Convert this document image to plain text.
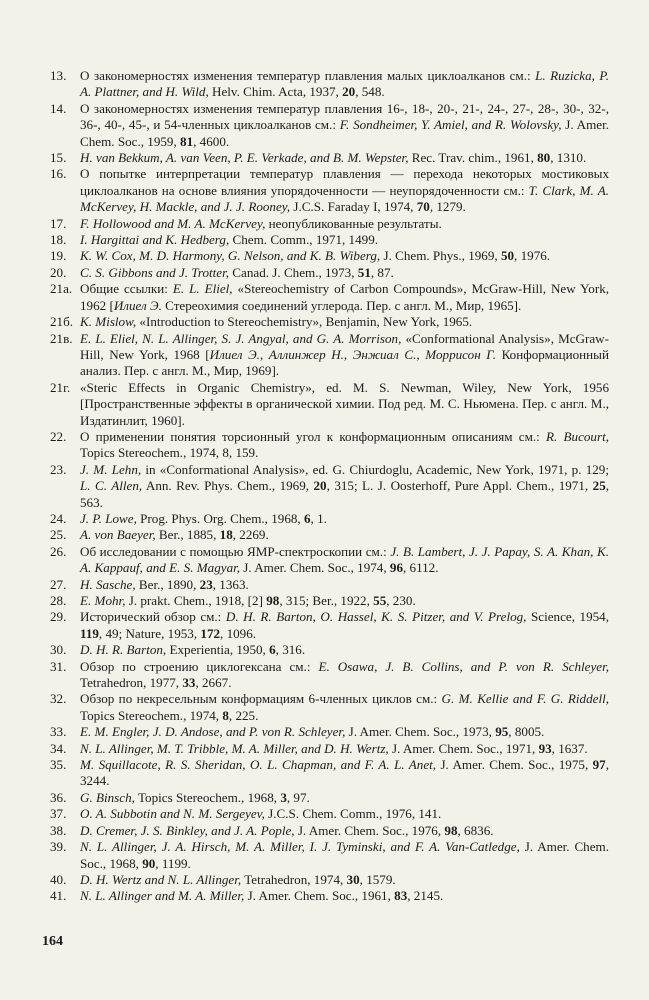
13. О закономерностях изменения температур плавления малых циклоалканов см.: L. Ruzicka, P. A. Plattner, and H. Wild, Helv. Chim. Acta, 1937, 20, 548.
14. О закономерностях изменения температур плавления 16-, 18-, 20-, 21-, 24-, 27-, 28-, 30-, 32-, 36-, 40-, 45-, и 54-членных циклоалканов см.: F. Sondheimer, Y. Amiel, and R. Wolovsky, J. Amer. Chem. Soc., 1959, 81, 4600.
15. H. van Bekkum, A. van Veen, P. E. Verkade, and B. M. Wepster, Rec. Trav. chim., 1961, 80, 1310.
16. О попытке интерпретации температур плавления — перехода некоторых мостиковых циклоалканов на основе влияния упорядоченности — неупорядоченности см.: T. Clark, M. A. McKervey, H. Mackle, and J. J. Rooney, J.C.S. Faraday I, 1974, 70, 1279.
17. F. Hollowood and M. A. McKervey, неопубликованные результаты.
18. I. Hargittai and K. Hedberg, Chem. Comm., 1971, 1499.
19. K. W. Cox, M. D. Harmony, G. Nelson, and K. B. Wiberg, J. Chem. Phys., 1969, 50, 1976.
20. C. S. Gibbons and J. Trotter, Canad. J. Chem., 1973, 51, 87.
21а. Общие ссылки: E. L. Eliel, «Stereochemistry of Carbon Compounds», McGraw-Hill, New York, 1962 [Илиел Э. Стереохимия соединений углерода. Пер. с англ. М., Мир, 1965].
21б. K. Mislow, «Introduction to Stereochemistry», Benjamin, New York, 1965.
21в. E. L. Eliel, N. L. Allinger, S. J. Angyal, and G. A. Morrison, «Conformational Analysis», McGraw-Hill, New York, 1968 [Илиел Э., Аллинжер Н., Энжиал С., Моррисон Г. Конформационный анализ. Пер. с англ. М., Мир, 1969].
21г. «Steric Effects in Organic Chemistry», ed. M. S. Newman, Wiley, New York, 1956 [Пространственные эффекты в органической химии. Под ред. М. С. Ньюмена. Пер. с англ. М., Издатинлит, 1960].
22. О применении понятия торсионный угол к конформационным описаниям см.: R. Bucourt, Topics Stereochem., 1974, 8, 159.
23. J. M. Lehn, in «Conformational Analysis», ed. G. Chiurdoglu, Academic, New York, 1971, p. 129; L. C. Allen, Ann. Rev. Phys. Chem., 1969, 20, 315; L. J. Oosterhoff, Pure Appl. Chem., 1971, 25, 563.
24. J. P. Lowe, Prog. Phys. Org. Chem., 1968, 6, 1.
25. A. von Baeyer, Ber., 1885, 18, 2269.
26. Об исследовании с помощью ЯМР-спектроскопии см.: J. B. Lambert, J. J. Papay, S. A. Khan, K. A. Kappauf, and E. S. Magyar, J. Amer. Chem. Soc., 1974, 96, 6112.
27. H. Sasche, Ber., 1890, 23, 1363.
28. E. Mohr, J. prakt. Chem., 1918, [2] 98, 315; Ber., 1922, 55, 230.
29. Исторический обзор см.: D. H. R. Barton, O. Hassel, K. S. Pitzer, and V. Prelog, Science, 1954, 119, 49; Nature, 1953, 172, 1096.
30. D. H. R. Barton, Experientia, 1950, 6, 316.
31. Обзор по строению циклогексана см.: E. Osawa, J. B. Collins, and P. von R. Schleyer, Tetrahedron, 1977, 33, 2667.
32. Обзор по некресельным конформациям 6-членных циклов см.: G. M. Kellie and F. G. Riddell, Topics Stereochem., 1974, 8, 225.
33. E. M. Engler, J. D. Andose, and P. von R. Schleyer, J. Amer. Chem. Soc., 1973, 95, 8005.
34. N. L. Allinger, M. T. Tribble, M. A. Miller, and D. H. Wertz, J. Amer. Chem. Soc., 1971, 93, 1637.
35. M. Squillacote, R. S. Sheridan, O. L. Chapman, and F. A. L. Anet, J. Amer. Chem. Soc., 1975, 97, 3244.
36. G. Binsch, Topics Stereochem., 1968, 3, 97.
37. O. A. Subbotin and N. M. Sergeyev, J.C.S. Chem. Comm., 1976, 141.
38. D. Cremer, J. S. Binkley, and J. A. Pople, J. Amer. Chem. Soc., 1976, 98, 6836.
39. N. L. Allinger, J. A. Hirsch, M. A. Miller, I. J. Tyminski, and F. A. Van-Catledge, J. Amer. Chem. Soc., 1968, 90, 1199.
40. D. H. Wertz and N. L. Allinger, Tetrahedron, 1974, 30, 1579.
41. N. L. Allinger and M. A. Miller, J. Amer. Chem. Soc., 1961, 83, 2145.
164
